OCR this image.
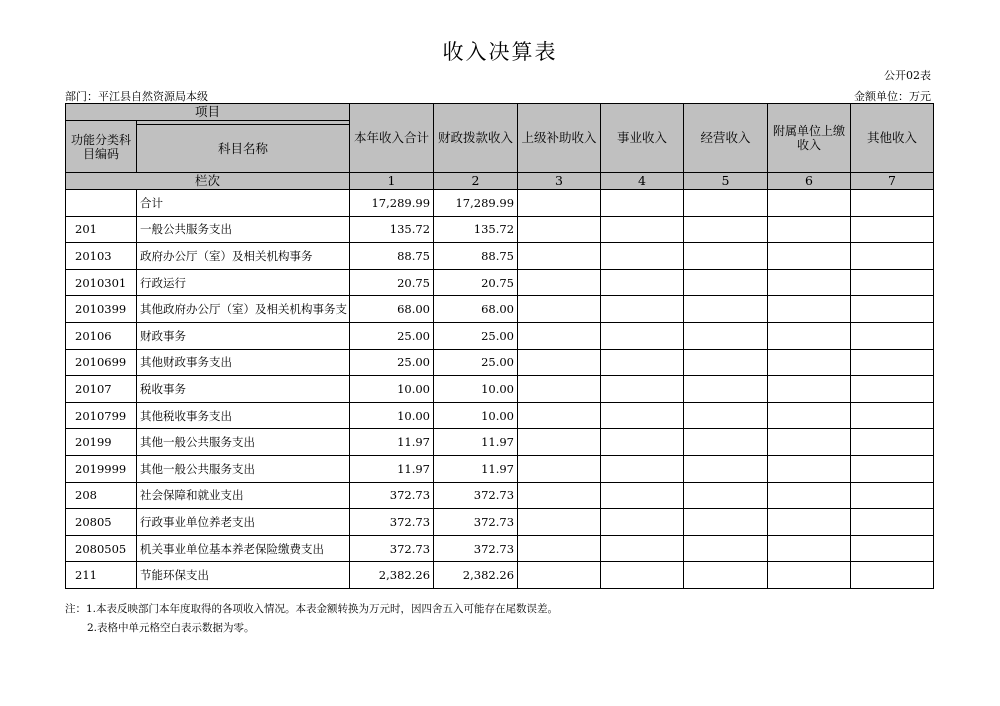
收入决算表
公开02表
部门：平江县自然资源局本级	金额单位：万元
项目		本年收入合计	财政拨款收入	上级补助收入	事业收入	经营收入	附属单位上缴收入	其他收入
功能分类科目编码								
	科目名称							
栏次		1	2	3	4	5	6	7
	合计	17,289.99	17,289.99					
201	一般公共服务支出	135.72	135.72					
20103	政府办公厅（室）及相关机构事务	88.75	88.75					
2010301	行政运行	20.75	20.75					
2010399	其他政府办公厅（室）及相关机构事务支	68.00	68.00					
20106	财政事务	25.00	25.00					
2010699	其他财政事务支出	25.00	25.00					
20107	税收事务	10.00	10.00					
2010799	其他税收事务支出	10.00	10.00					
20199	其他一般公共服务支出	11.97	11.97					
2019999	其他一般公共服务支出	11.97	11.97					
208	社会保障和就业支出	372.73	372.73					
20805	行政事业单位养老支出	372.73	372.73					
2080505	机关事业单位基本养老保险缴费支出	372.73	372.73					
211	节能环保支出	2,382.26	2,382.26					
注：1.本表反映部门本年度取得的各项收入情况。本表金额转换为万元时，因四舍五入可能存在尾数误差。
2.表格中单元格空白表示数据为零。
